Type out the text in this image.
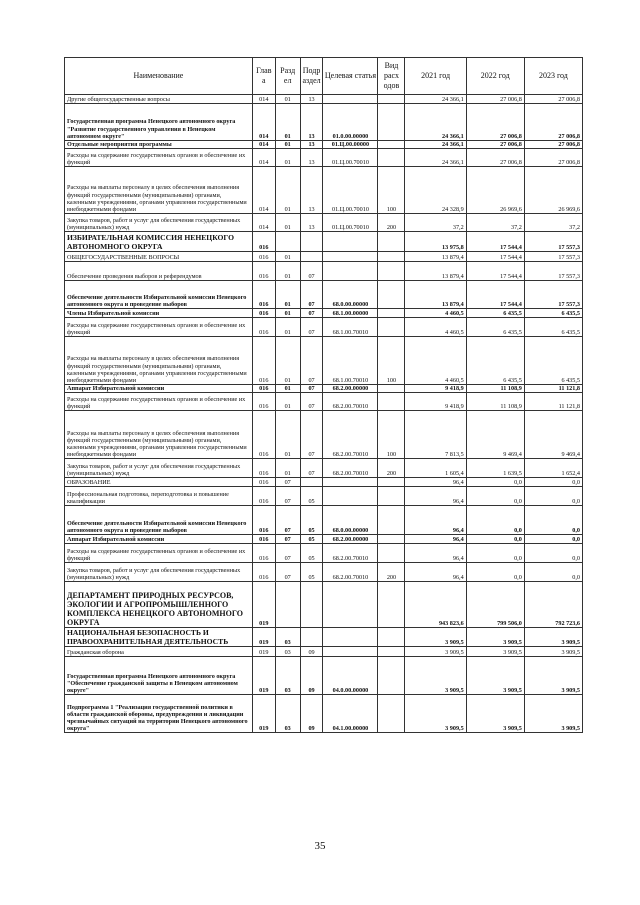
Наименование	Глав а	Разд ел	Подр аздел	Целевая статья	Вид расх одов	2021 год	2022 год	2023 год
Другие общегосударственные вопросы	014	01	13			24 366,1	27 006,8	27 006,8
Государственная программа Ненецкого автономного округа "Развитие государственного управления в Ненецком автономном округе"	014	01	13	01.0.00.00000		24 366,1	27 006,8	27 006,8
Отдельные мероприятия программы	014	01	13	01.Ц.00.00000		24 366,1	27 006,8	27 006,8
Расходы на содержание государственных органов и обеспечение их функций	014	01	13	01.Ц.00.70010		24 366,1	27 006,8	27 006,8
Расходы на выплаты персоналу в целях обеспечения выполнения функций государственными (муниципальными) органами, казенными учреждениями, органами управления государственными внебюджетными фондами	014	01	13	01.Ц.00.70010	100	24 328,9	26 969,6	26 969,6
Закупка товаров, работ и услуг для обеспечения государственных (муниципальных) нужд	014	01	13	01.Ц.00.70010	200	37,2	37,2	37,2
ИЗБИРАТЕЛЬНАЯ КОМИССИЯ НЕНЕЦКОГО АВТОНОМНОГО ОКРУГА	016					13 975,8	17 544,4	17 557,3
ОБЩЕГОСУДАРСТВЕННЫЕ ВОПРОСЫ	016	01				13 879,4	17 544,4	17 557,3
Обеспечение проведения выборов и референдумов	016	01	07			13 879,4	17 544,4	17 557,3
Обеспечение деятельности Избирательной комиссии Ненецкого автономного округа и проведение выборов	016	01	07	68.0.00.00000		13 879,4	17 544,4	17 557,3
Члены Избирательной комиссии	016	01	07	68.1.00.00000		4 460,5	6 435,5	6 435,5
Расходы на содержание государственных органов и обеспечение их функций	016	01	07	68.1.00.70010		4 460,5	6 435,5	6 435,5
Расходы на выплаты персоналу в целях обеспечения выполнения функций государственными (муниципальными) органами, казенными учреждениями, органами управления государственными внебюджетными фондами	016	01	07	68.1.00.70010	100	4 460,5	6 435,5	6 435,5
Аппарат Избирательной комиссии	016	01	07	68.2.00.00000		9 418,9	11 108,9	11 121,8
Расходы на содержание государственных органов и обеспечение их функций	016	01	07	68.2.00.70010		9 418,9	11 108,9	11 121,8
Расходы на выплаты персоналу в целях обеспечения выполнения функций государственными (муниципальными) органами, казенными учреждениями, органами управления государственными внебюджетными фондами	016	01	07	68.2.00.70010	100	7 813,5	9 469,4	9 469,4
Закупка товаров, работ и услуг для обеспечения государственных (муниципальных) нужд	016	01	07	68.2.00.70010	200	1 605,4	1 639,5	1 652,4
ОБРАЗОВАНИЕ	016	07				96,4	0,0	0,0
Профессиональная подготовка, переподготовка и повышение квалификации	016	07	05			96,4	0,0	0,0
Обеспечение деятельности Избирательной комиссии Ненецкого автономного округа и проведение выборов	016	07	05	68.0.00.00000		96,4	0,0	0,0
Аппарат Избирательной комиссии	016	07	05	68.2.00.00000		96,4	0,0	0,0
Расходы на содержание государственных органов и обеспечение их функций	016	07	05	68.2.00.70010		96,4	0,0	0,0
Закупка товаров, работ и услуг для обеспечения государственных (муниципальных) нужд	016	07	05	68.2.00.70010	200	96,4	0,0	0,0
ДЕПАРТАМЕНТ ПРИРОДНЫХ РЕСУРСОВ, ЭКОЛОГИИ И АГРОПРОМЫШЛЕННОГО КОМПЛЕКСА НЕНЕЦКОГО АВТОНОМНОГО ОКРУГА	019					943 823,6	799 506,0	792 723,6
НАЦИОНАЛЬНАЯ БЕЗОПАСНОСТЬ И ПРАВООХРАНИТЕЛЬНАЯ ДЕЯТЕЛЬНОСТЬ	019	03				3 909,5	3 909,5	3 909,5
Гражданская оборона	019	03	09			3 909,5	3 909,5	3 909,5
Государственная программа Ненецкого автономного округа "Обеспечение гражданской защиты в Ненецком автономном округе"	019	03	09	04.0.00.00000		3 909,5	3 909,5	3 909,5
Подпрограмма 1 "Реализация государственной политики в области гражданской обороны, предупреждения и ликвидации чрезвычайных ситуаций на территории Ненецкого автономного округа"	019	03	09	04.1.00.00000		3 909,5	3 909,5	3 909,5
35
